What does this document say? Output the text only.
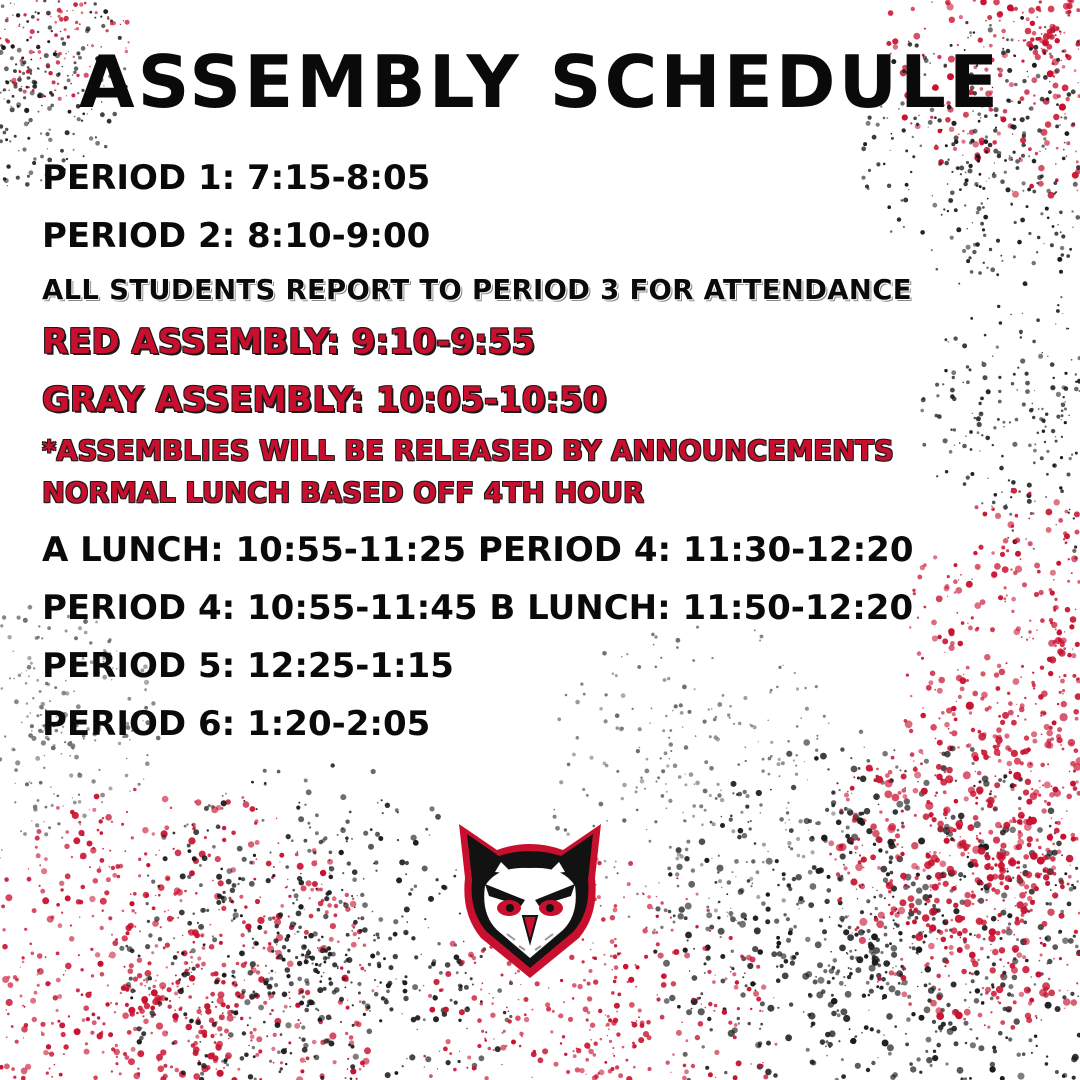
ASSEMBLY SCHEDULE
PERIOD 1: 7:15-8:05
PERIOD 2: 8:10-9:00
ALL STUDENTS REPORT TO PERIOD 3 FOR ATTENDANCE
RED ASSEMBLY: 9:10-9:55
GRAY ASSEMBLY: 10:05-10:50
*ASSEMBLIES WILL BE RELEASED BY ANNOUNCEMENTS
NORMAL LUNCH BASED OFF 4TH HOUR
A LUNCH: 10:55-11:25 PERIOD 4: 11:30-12:20
PERIOD 4: 10:55-11:45 B LUNCH: 11:50-12:20
PERIOD 5: 12:25-1:15
PERIOD 6: 1:20-2:05
